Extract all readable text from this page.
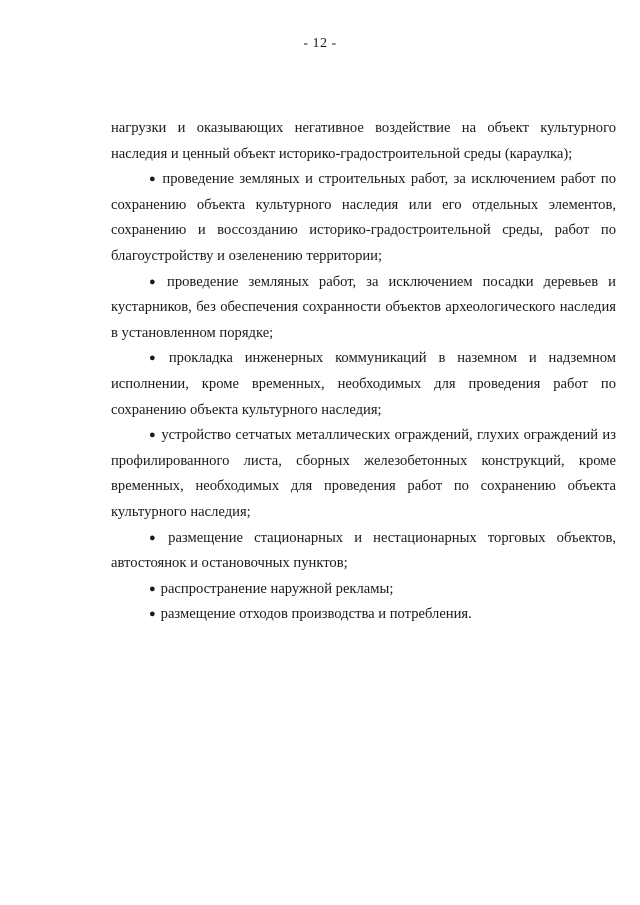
- 12 -

нагрузки и оказывающих негативное воздействие на объект культурного наследия и ценный объект историко-градостроительной среды (караулка);

● проведение земляных и строительных работ, за исключением работ по сохранению объекта культурного наследия или его отдельных элементов, сохранению и воссозданию историко-градостроительной среды, работ по благоустройству и озеленению территории;

● проведение земляных работ, за исключением посадки деревьев и кустарников, без обеспечения сохранности объектов археологического наследия в установленном порядке;

● прокладка инженерных коммуникаций в наземном и надземном исполнении, кроме временных, необходимых для проведения работ по сохранению объекта культурного наследия;

● устройство сетчатых металлических ограждений, глухих ограждений из профилированного листа, сборных железобетонных конструкций, кроме временных, необходимых для проведения работ по сохранению объекта культурного наследия;

● размещение стационарных и нестационарных торговых объектов, автостоянок и остановочных пунктов;

● распространение наружной рекламы;

● размещение отходов производства и потребления.
